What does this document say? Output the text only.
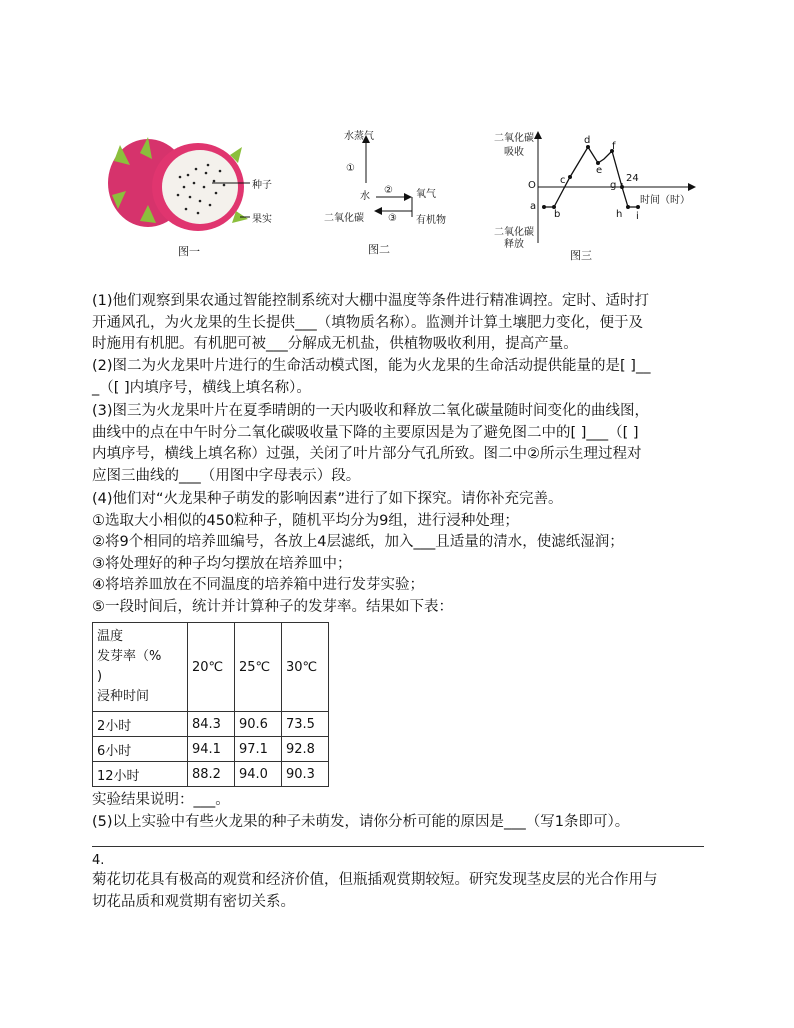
种子
果实
图一
水蒸气
①
水
② 氧气
二氧化碳 ③ 有机物
图二
二氧化碳
吸收
二氧化碳
释放
O
a
b
c
d
e
f
g
h i
24
时间（时）
图三
(1)他们观察到果农通过智能控制系统对大棚中温度等条件进行精准调控。定时、适时打
开通风孔，为火龙果的生长提供___（填物质名称）。监测并计算土壤肥力变化，便于及
时施用有机肥。有机肥可被___分解成无机盐，供植物吸收利用，提高产量。
(2)图二为火龙果叶片进行的生命活动模式图，能为火龙果的生命活动提供能量的是[ ]__
_（[ ]内填序号，横线上填名称）。
(3)图三为火龙果叶片在夏季晴朗的一天内吸收和释放二氧化碳量随时间变化的曲线图，
曲线中的点在中午时分二氧化碳吸收量下降的主要原因是为了避免图二中的[ ]___（[ ]
内填序号，横线上填名称）过强，关闭了叶片部分气孔所致。图二中②所示生理过程对
应图三曲线的___（用图中字母表示）段。
(4)他们对“火龙果种子萌发的影响因素”进行了如下探究。请你补充完善。
①选取大小相似的450粒种子，随机平均分为9组，进行浸种处理；
②将9个相同的培养皿编号，各放上4层滤纸，加入___且适量的清水，使滤纸湿润；
③将处理好的种子均匀摆放在培养皿中；
④将培养皿放在不同温度的培养箱中进行发芽实验；
⑤一段时间后，统计并计算种子的发芽率。结果如下表：
温度
发芽率（%
)
浸种时间	20℃	25℃	30℃
2小时	84.3	90.6	73.5
6小时	94.1	97.1	92.8
12小时	88.2	94.0	90.3
实验结果说明：___。
(5)以上实验中有些火龙果的种子未萌发，请你分析可能的原因是___（写1条即可）。
4.
菊花切花具有极高的观赏和经济价值，但瓶插观赏期较短。研究发现茎皮层的光合作用与
切花品质和观赏期有密切关系。
